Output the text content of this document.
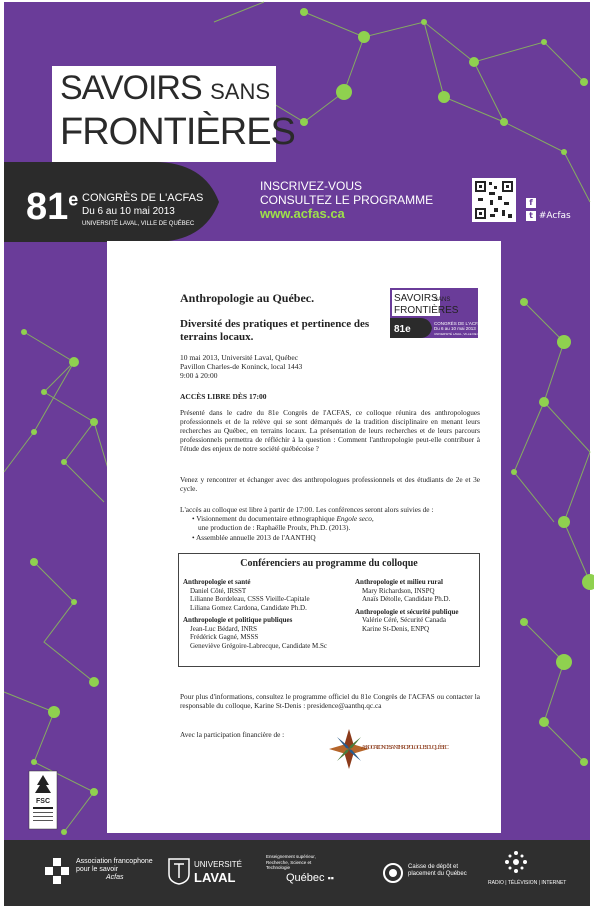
SAVOIRS SANS
FRONTIÈRES
81e CONGRÈS DE L'ACFAS
Du 6 au 10 mai 2013
UNIVERSITÉ LAVAL, VILLE DE QUÉBEC
INSCRIVEZ-VOUS
CONSULTEZ LE PROGRAMME
www.acfas.ca
f
t #Acfas
Anthropologie au Québec.
Diversité des pratiques et pertinence des terrains locaux.
SAVOIRS
SANS
FRONTIÈRES
81e
CONGRÈS DE L'ACFAS
Du 6 au 10 mai 2013
UNIVERSITÉ LAVAL, VILLE DE QUÉBEC
10 mai 2013, Université Laval, Québec
Pavillon Charles-de Koninck, local 1443
9:00 à 20:00
ACCÈS LIBRE DÈS 17:00
Présenté dans le cadre du 81e Congrès de l'ACFAS, ce colloque réunira des anthropologues professionnels et de la relève qui se sont démarqués de la tradition disciplinaire en menant leurs recherches au Québec, en terrains locaux. La présentation de leurs recherches et de leurs parcours professionnels permettra de réfléchir à la question : Comment l'anthropologie peut-elle contribuer à l'étude des enjeux de notre société québécoise ?
Venez y rencontrer et échanger avec des anthropologues professionnels et des étudiants de 2e et 3e cycle.
L'accès au colloque est libre à partir de 17:00. Les conférences seront alors suivies de :
• Visionnement du documentaire ethnographique Engole seco,
une production de : Raphaëlle Proulx, Ph.D. (2013).
• Assemblée annuelle 2013 de l'AANTHQ
Conférenciers au programme du colloque
Anthropologie et santé
Daniel Côté, IRSST
Lilianne Bordeleau, CSSS Vieille-Capitale
Liliana Gomez Cardona, Candidate Ph.D.
Anthropologie et politique publiques
Jean-Luc Bédard, INRS
Frédérick Gagné, MSSS
Geneviève Grégoire-Labrecque, Candidate M.Sc
Anthropologie et milieu rural
Mary Richardson, INSPQ
Anaïs Détolle, Candidate Ph.D.
Anthropologie et sécurité publique
Valérie Céré, Sécurité Canada
Karine St-Denis, ENPQ
Pour plus d'informations, consultez le programme officiel du 81e Congrès de l'ACFAS ou contacter la responsable du colloque, Karine St-Denis : presidence@aanthq.qc.ca
Avec la participation financière de :
ASSOCIATION DES ANTHROPOLOGUES DU QUÉBEC
FSC
Association francophone
pour le savoir
Acfas
UNIVERSITÉ
LAVAL
Enseignement supérieur, Recherche, Science et Technologie
Québec ▪▪
Caisse de dépôt et placement du Québec
RADIO | TÉLÉVISION | INTERNET
